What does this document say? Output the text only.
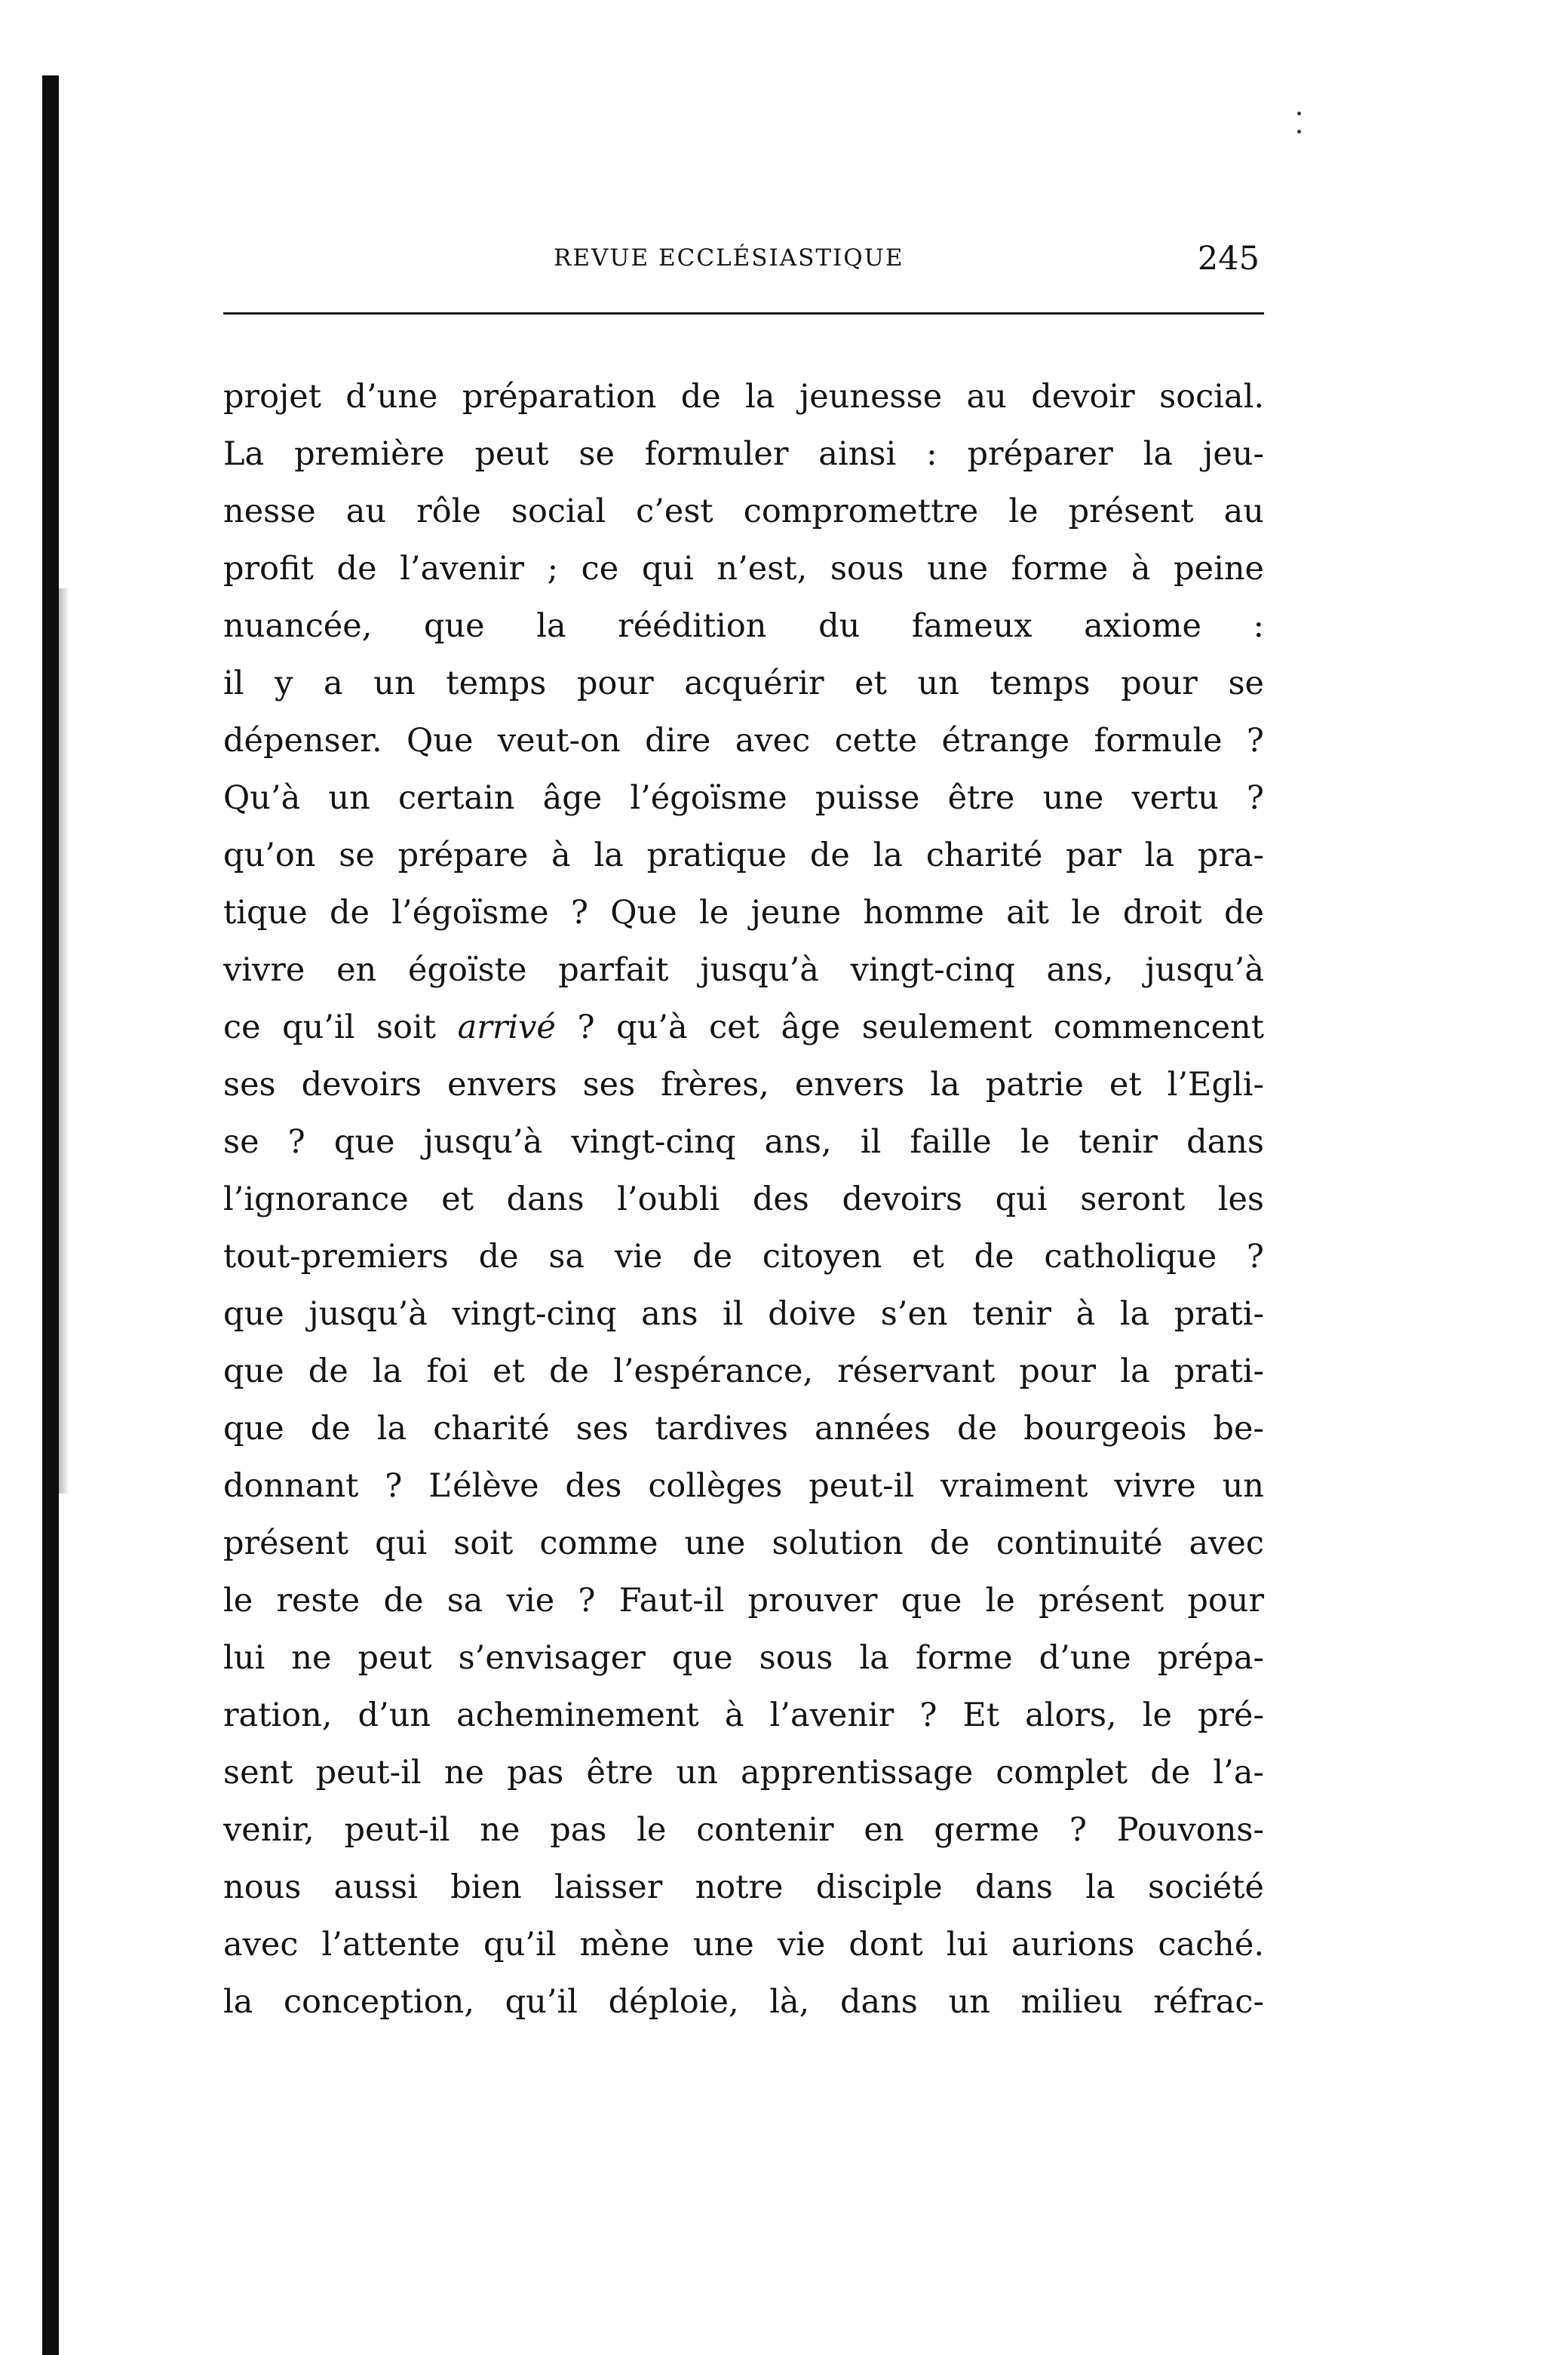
REVUE ECCLÉSIASTIQUE	245
projet d’une préparation de la jeunesse au devoir social.
La première peut se formuler ainsi : préparer la jeu-
nesse au rôle social c’est compromettre le présent au
profit de l’avenir ; ce qui n’est, sous une forme à peine
nuancée, que la réédition du fameux axiome :
il y a un temps pour acquérir et un temps pour se
dépenser. Que veut-on dire avec cette étrange formule ?
Qu’à un certain âge l’égoïsme puisse être une vertu ?
qu’on se prépare à la pratique de la charité par la pra-
tique de l’égoïsme ? Que le jeune homme ait le droit de
vivre en égoïste parfait jusqu’à vingt-cinq ans, jusqu’à
ce qu’il soit arrivé ? qu’à cet âge seulement commencent
ses devoirs envers ses frères, envers la patrie et l’Egli-
se ? que jusqu’à vingt-cinq ans, il faille le tenir dans
l’ignorance et dans l’oubli des devoirs qui seront les
tout-premiers de sa vie de citoyen et de catholique ?
que jusqu’à vingt-cinq ans il doive s’en tenir à la prati-
que de la foi et de l’espérance, réservant pour la prati-
que de la charité ses tardives années de bourgeois be-
donnant ? L’élève des collèges peut-il vraiment vivre un
présent qui soit comme une solution de continuité avec
le reste de sa vie ? Faut-il prouver que le présent pour
lui ne peut s’envisager que sous la forme d’une prépa-
ration, d’un acheminement à l’avenir ? Et alors, le pré-
sent peut-il ne pas être un apprentissage complet de l’a-
venir, peut-il ne pas le contenir en germe ? Pouvons-
nous aussi bien laisser notre disciple dans la société
avec l’attente qu’il mène une vie dont lui aurions caché.
la conception, qu’il déploie, là, dans un milieu réfrac-
